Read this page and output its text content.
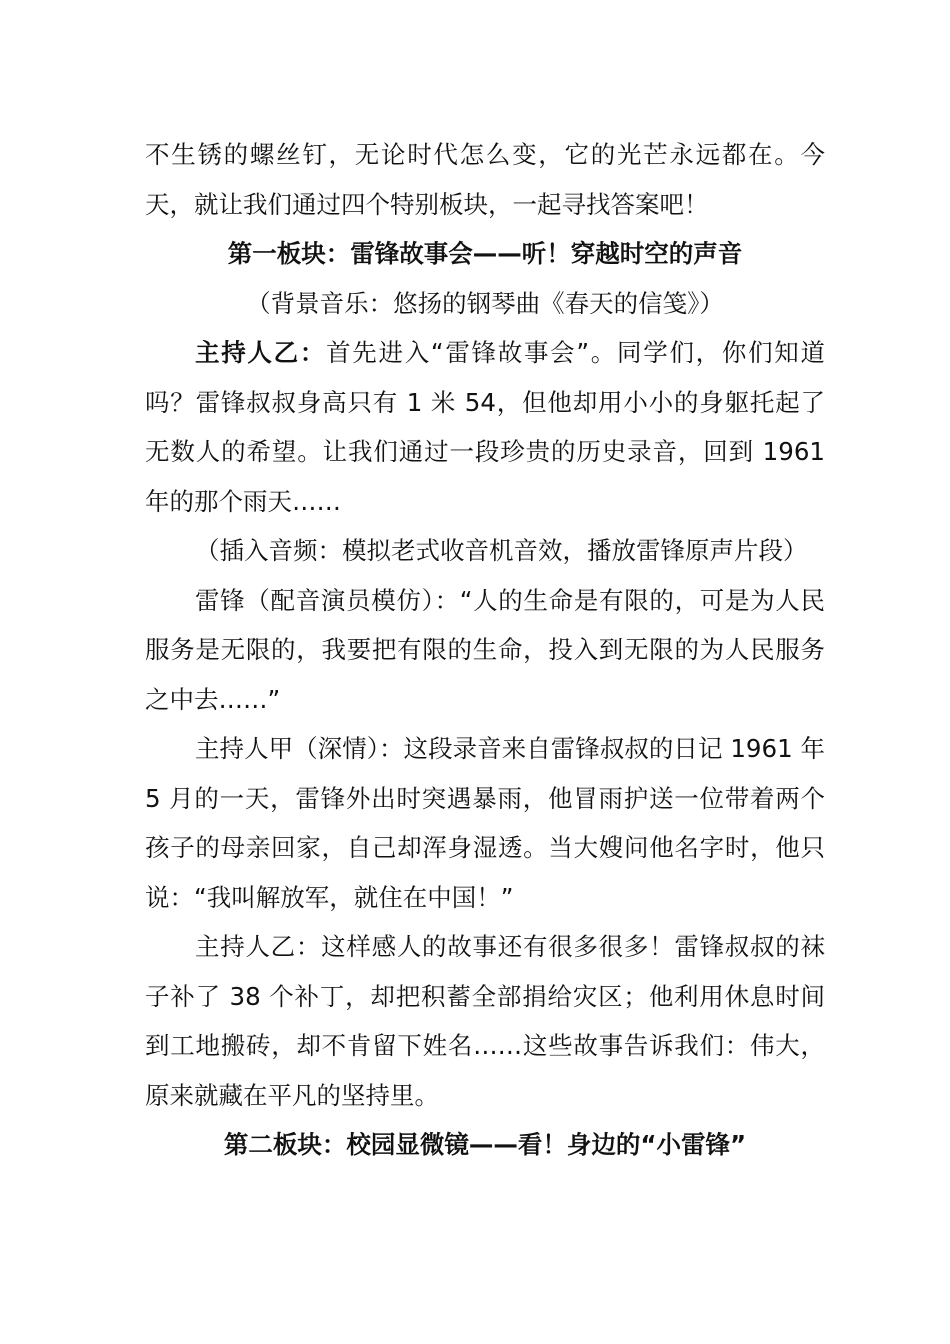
不生锈的螺丝钉，无论时代怎么变，它的光芒永远都在。今天，就让我们通过四个特别板块，一起寻找答案吧！

第一板块：雷锋故事会——听！穿越时空的声音

（背景音乐：悠扬的钢琴曲《春天的信笺》）

主持人乙：首先进入“雷锋故事会”。同学们，你们知道吗？雷锋叔叔身高只有 1 米 54，但他却用小小的身躯托起了无数人的希望。让我们通过一段珍贵的历史录音，回到 1961 年的那个雨天……

（插入音频：模拟老式收音机音效，播放雷锋原声片段）

雷锋（配音演员模仿）：“人的生命是有限的，可是为人民服务是无限的，我要把有限的生命，投入到无限的为人民服务之中去……”

主持人甲（深情）：这段录音来自雷锋叔叔的日记 1961 年 5 月的一天，雷锋外出时突遇暴雨，他冒雨护送一位带着两个孩子的母亲回家，自己却浑身湿透。当大嫂问他名字时，他只说：“我叫解放军，就住在中国！”

主持人乙：这样感人的故事还有很多很多！雷锋叔叔的袜子补了 38 个补丁，却把积蓄全部捐给灾区；他利用休息时间到工地搬砖，却不肯留下姓名……这些故事告诉我们：伟大，原来就藏在平凡的坚持里。

第二板块：校园显微镜——看！身边的“小雷锋”
